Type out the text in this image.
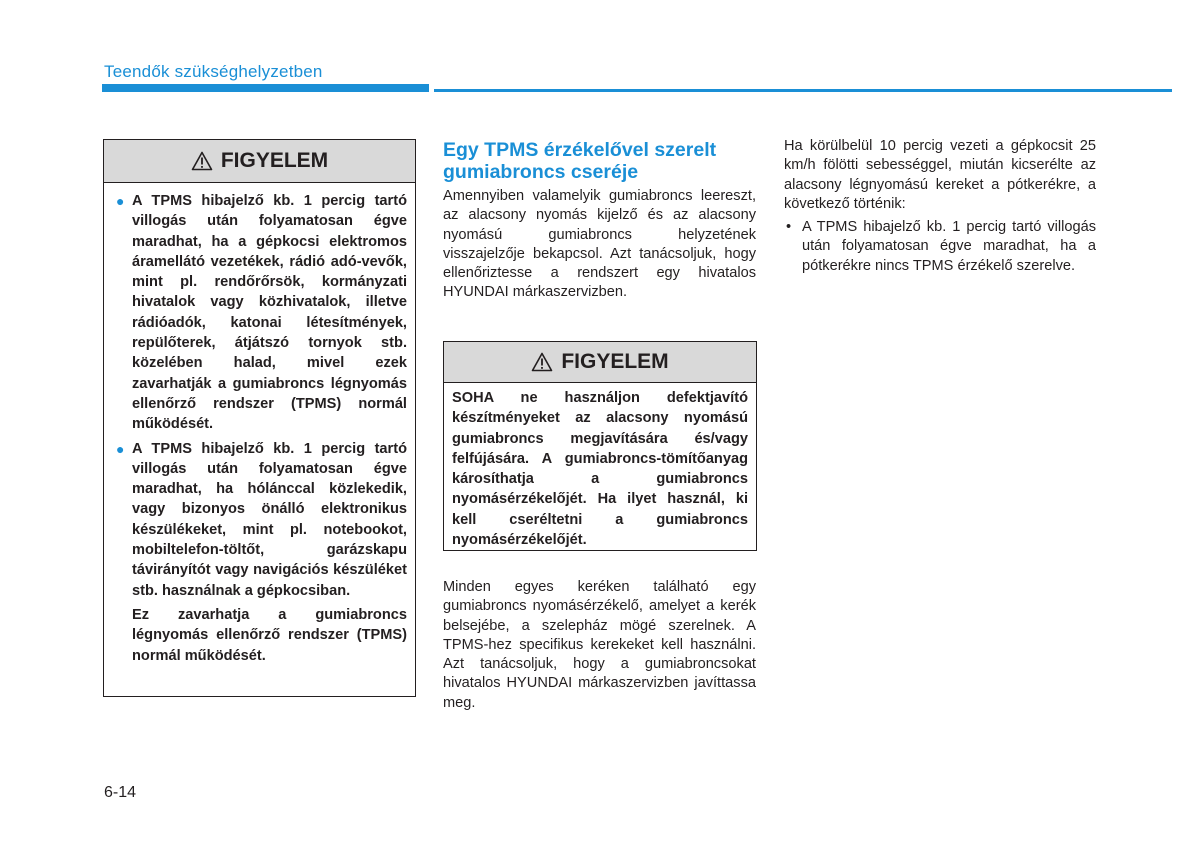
Teendők szükséghelyzetben
FIGYELEM
● A TPMS hibajelző kb. 1 percig tartó villogás után folyamatosan égve maradhat, ha a gépkocsi elektromos áramellátó vezetékek, rádió adó-vevők, mint pl. rendőrőrsök, kormányzati hivatalok vagy közhivatalok, illetve rádióadók, katonai létesítmények, repülőterek, átjátszó tornyok stb. közelében halad, mivel ezek zavarhatják a gumiabroncs légnyomás ellenőrző rendszer (TPMS) normál működését.
● A TPMS hibajelző kb. 1 percig tartó villogás után folyamatosan égve maradhat, ha hólánccal közlekedik, vagy bizonyos önálló elektronikus készülékeket, mint pl. notebookot, mobiltelefon-töltőt, garázskapu távirányítót vagy navigációs készüléket stb. használnak a gépkocsiban.
Ez zavarhatja a gumiabroncs légnyomás ellenőrző rendszer (TPMS) normál működését.
Egy TPMS érzékelővel szerelt gumiabroncs cseréje
Amennyiben valamelyik gumiabroncs leereszt, az alacsony nyomás kijelző és az alacsony nyomású gumiabroncs helyzetének visszajelzője bekapcsol. Azt tanácsoljuk, hogy ellenőriztesse a rendszert egy hivatalos HYUNDAI márkaszervizben.
FIGYELEM
SOHA ne használjon defektjavító készítményeket az alacsony nyomású gumiabroncs megjavítására és/vagy felfújására. A gumiabroncs-tömítőanyag károsíthatja a gumiabroncs nyomásérzékelőjét. Ha ilyet használ, ki kell cseréltetni a gumiabroncs nyomásérzékelőjét.
Minden egyes keréken található egy gumiabroncs nyomásérzékelő, amelyet a kerék belsejébe, a szelepház mögé szerelnek. A TPMS-hez specifikus kerekeket kell használni. Azt tanácsoljuk, hogy a gumiabroncsokat hivatalos HYUNDAI márkaszervizben javíttassa meg.
Ha körülbelül 10 percig vezeti a gépkocsit 25 km/h fölötti sebességgel, miután kicserélte az alacsony légnyomású kereket a pótkerékre, a következő történik:
• A TPMS hibajelző kb. 1 percig tartó villogás után folyamatosan égve maradhat, ha a pótkerékre nincs TPMS érzékelő szerelve.
6-14
